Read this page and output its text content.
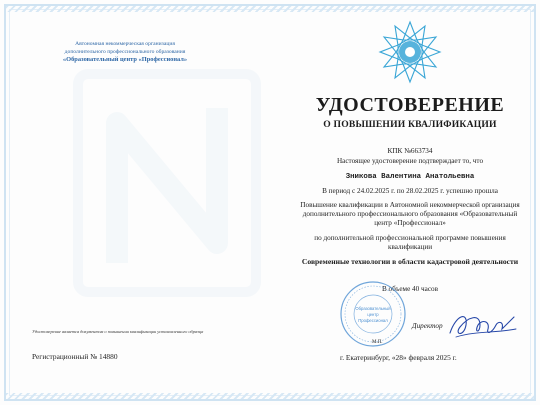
Автономная некоммерческая организация
дополнительного профессионального образования
«Образовательный центр «Профессионал»
УДОСТОВЕРЕНИЕ
О ПОВЫШЕНИИ КВАЛИФИКАЦИИ
КПК №663734
Настоящее удостоверение подтверждает то, что
Зникова Валентина Анатольевна
В период с 24.02.2025 г. по 28.02.2025 г. успешно прошла
Повышение квалификации в Автономной некоммерческой организация дополнительного профессионального образования «Образовательный центр «Профессионал»
по дополнительной профессиональной программе повышения квалификации
Современные технологии в области кадастровой деятельности
В объеме 40 часов
Образовательный
центр
Профессионал
Директор
М.П.
Удостоверение является документом о повышении квалификации установленного образца
Регистрационный № 14880	г. Екатеринбург, «28» февраля 2025 г.
